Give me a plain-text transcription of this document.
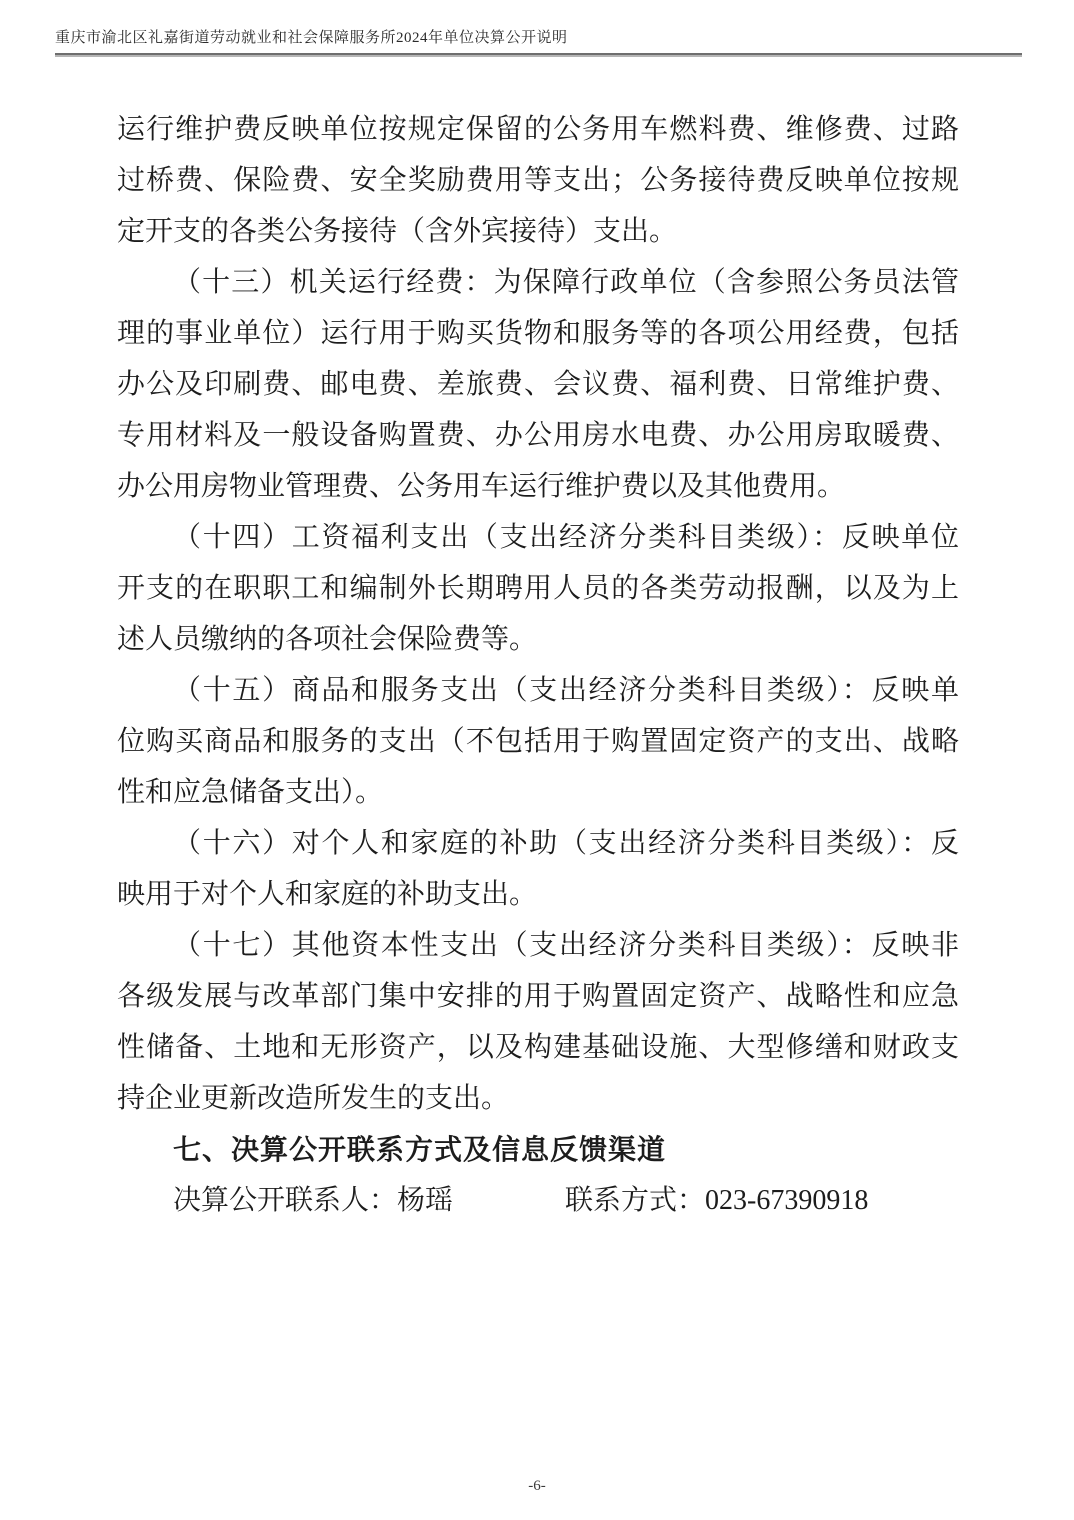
重庆市渝北区礼嘉街道劳动就业和社会保障服务所2024年单位决算公开说明
运行维护费反映单位按规定保留的公务用车燃料费、维修费、过路
过桥费、保险费、安全奖励费用等支出；公务接待费反映单位按规
定开支的各类公务接待（含外宾接待）支出。
（十三）机关运行经费：为保障行政单位（含参照公务员法管
理的事业单位）运行用于购买货物和服务等的各项公用经费，包括
办公及印刷费、邮电费、差旅费、会议费、福利费、日常维护费、
专用材料及一般设备购置费、办公用房水电费、办公用房取暖费、
办公用房物业管理费、公务用车运行维护费以及其他费用。
（十四）工资福利支出（支出经济分类科目类级）：反映单位
开支的在职职工和编制外长期聘用人员的各类劳动报酬，以及为上
述人员缴纳的各项社会保险费等。
（十五）商品和服务支出（支出经济分类科目类级）：反映单
位购买商品和服务的支出（不包括用于购置固定资产的支出、战略
性和应急储备支出）。
（十六）对个人和家庭的补助（支出经济分类科目类级）：反
映用于对个人和家庭的补助支出。
（十七）其他资本性支出（支出经济分类科目类级）：反映非
各级发展与改革部门集中安排的用于购置固定资产、战略性和应急
性储备、土地和无形资产，以及构建基础设施、大型修缮和财政支
持企业更新改造所发生的支出。
七、决算公开联系方式及信息反馈渠道
决算公开联系人：杨瑶	联系方式：023-67390918
-6-
